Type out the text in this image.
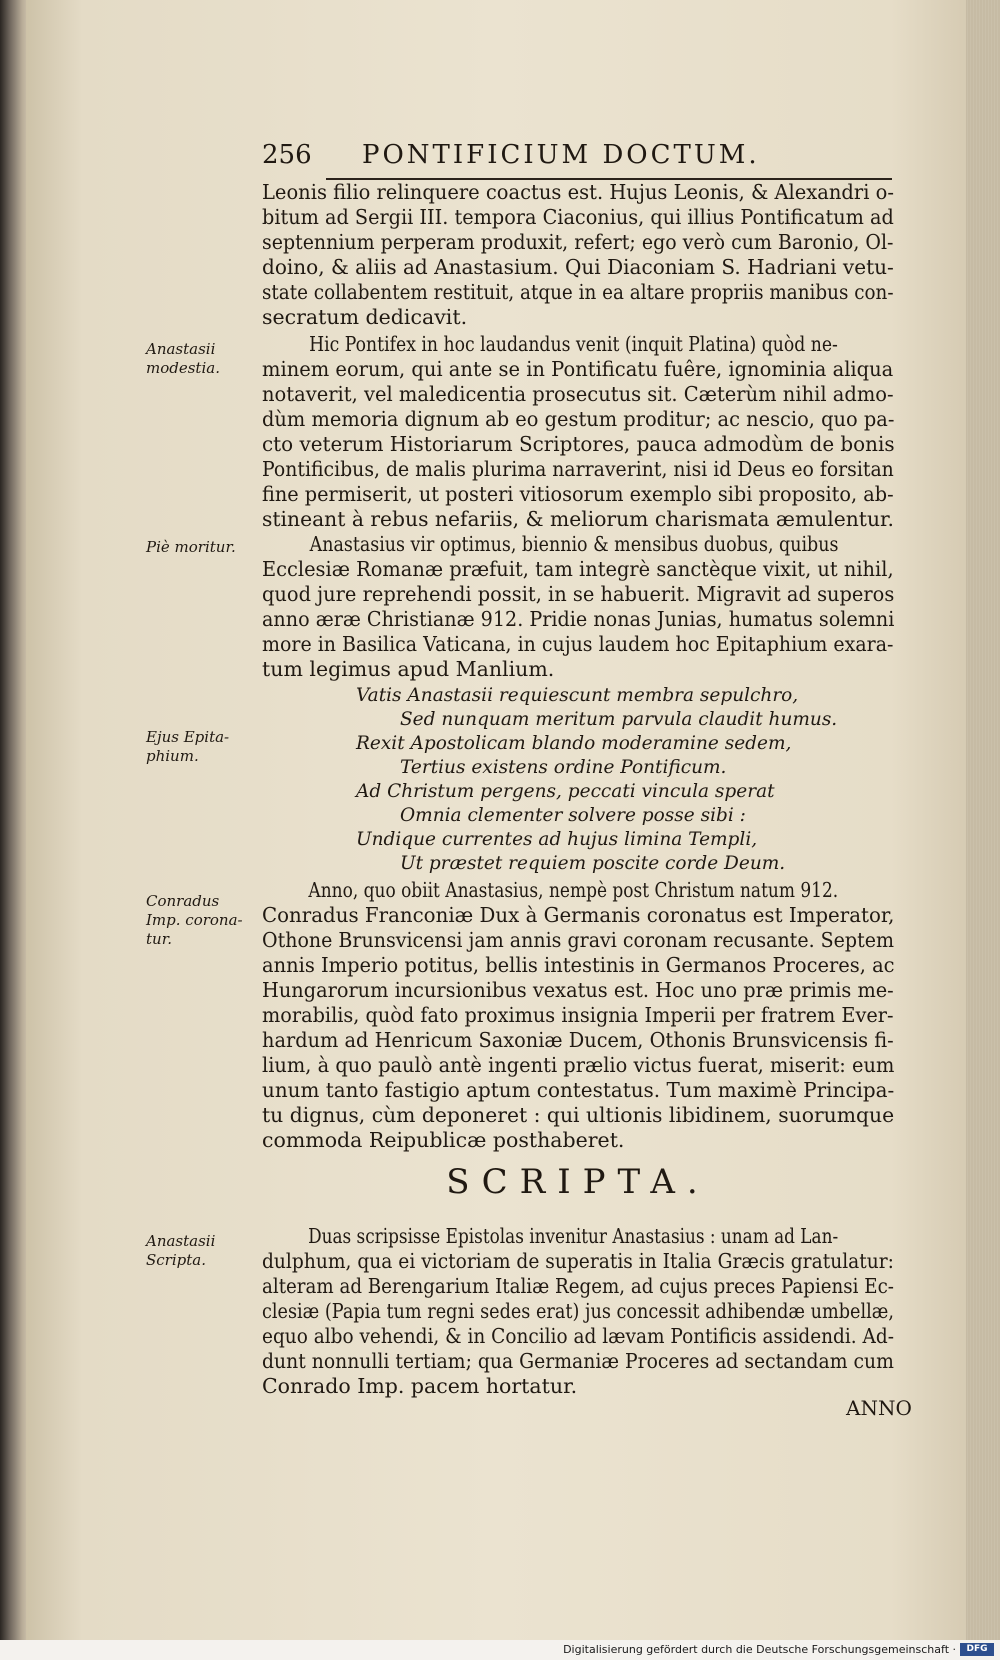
256 PONTIFICIUM DOCTUM.
Leonis filio relinquere coactus est. Hujus Leonis, & Alexandri o-
bitum ad Sergii III. tempora Ciaconius, qui illius Pontificatum ad
septennium perperam produxit, refert; ego verò cum Baronio, Ol-
doino, & aliis ad Anastasium. Qui Diaconiam S. Hadriani vetu-
state collabentem restituit, atque in ea altare propriis manibus con-
secratum dedicavit.
Anastasii
modestia.
Hic Pontifex in hoc laudandus venit (inquit Platina) quòd ne-
minem eorum, qui ante se in Pontificatu fuêre, ignominia aliqua
notaverit, vel maledicentia prosecutus sit. Cæterùm nihil admo-
dùm memoria dignum ab eo gestum proditur; ac nescio, quo pa-
cto veterum Historiarum Scriptores, pauca admodùm de bonis
Pontificibus, de malis plurima narraverint, nisi id Deus eo forsitan
fine permiserit, ut posteri vitiosorum exemplo sibi proposito, ab-
stineant à rebus nefariis, & meliorum charismata æmulentur.
Piè moritur.	Anastasius vir optimus, biennio & mensibus duobus, quibus
Ecclesiæ Romanæ præfuit, tam integrè sanctèque vixit, ut nihil,
quod jure reprehendi possit, in se habuerit. Migravit ad superos
anno æræ Christianæ 912. Pridie nonas Junias, humatus solemni
more in Basilica Vaticana, in cujus laudem hoc Epitaphium exara-
tum legimus apud Manlium.
Ejus Epita-
phium.
Vatis Anastasii requiescunt membra sepulchro,
Sed nunquam meritum parvula claudit humus.
Rexit Apostolicam blando moderamine sedem,
Tertius existens ordine Pontificum.
Ad Christum pergens, peccati vincula sperat
Omnia clementer solvere posse sibi :
Undique currentes ad hujus limina Templi,
Ut præstet requiem poscite corde Deum.
Conradus
Imp. corona-
tur.
Anno, quo obiit Anastasius, nempè post Christum natum 912.
Conradus Franconiæ Dux à Germanis coronatus est Imperator,
Othone Brunsvicensi jam annis gravi coronam recusante. Septem
annis Imperio potitus, bellis intestinis in Germanos Proceres, ac
Hungarorum incursionibus vexatus est. Hoc uno præ primis me-
morabilis, quòd fato proximus insignia Imperii per fratrem Ever-
hardum ad Henricum Saxoniæ Ducem, Othonis Brunsvicensis fi-
lium, à quo paulò antè ingenti prælio victus fuerat, miserit: eum
unum tanto fastigio aptum contestatus. Tum maximè Principa-
tu dignus, cùm deponeret : qui ultionis libidinem, suorumque
commoda Reipublicæ posthaberet.
SCRIPTA.
Anastasii
Scripta.
Duas scripsisse Epistolas invenitur Anastasius : unam ad Lan-
dulphum, qua ei victoriam de superatis in Italia Græcis gratulatur:
alteram ad Berengarium Italiæ Regem, ad cujus preces Papiensi Ec-
clesiæ (Papia tum regni sedes erat) jus concessit adhibendæ umbellæ,
equo albo vehendi, & in Concilio ad lævam Pontificis assidendi. Ad-
dunt nonnulli tertiam; qua Germaniæ Proceres ad sectandam cum
Conrado Imp. pacem hortatur.
ANNO
Digitalisierung gefördert durch die Deutsche Forschungsgemeinschaft ·	DFG
